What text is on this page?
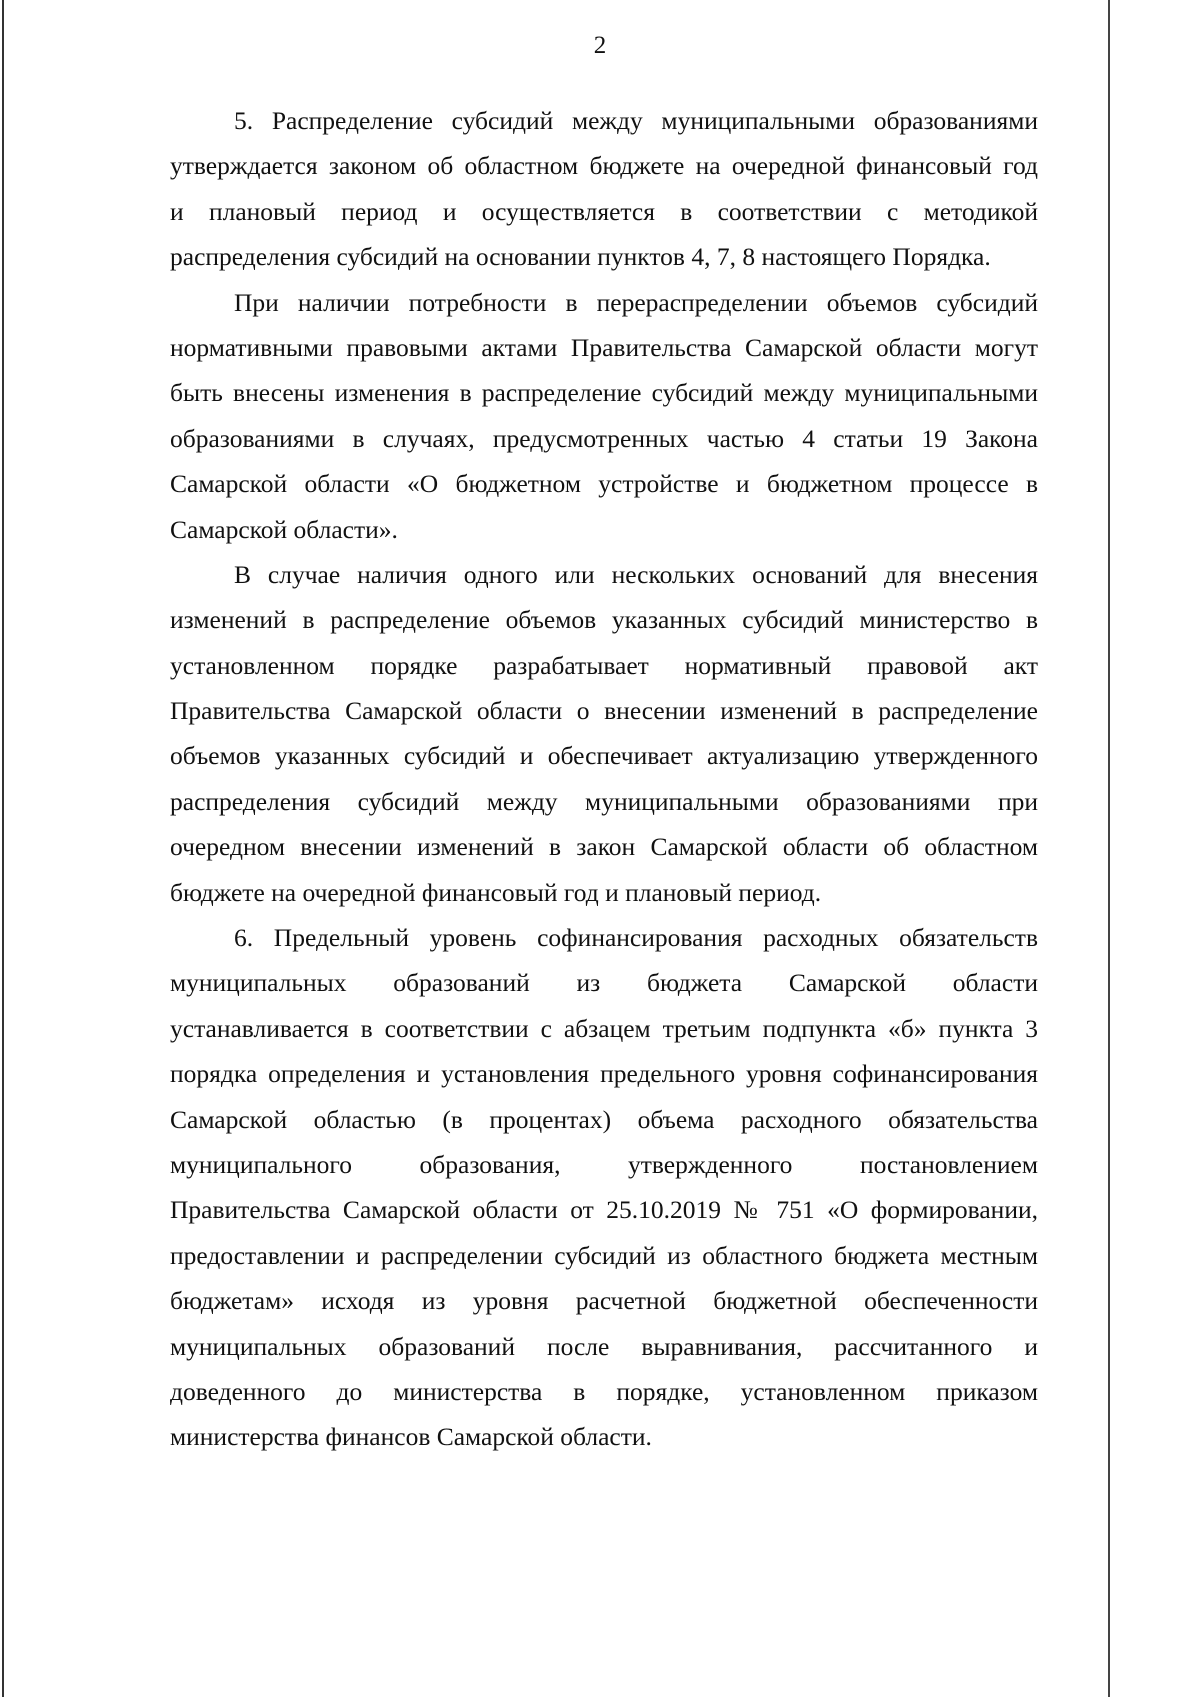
2
5. Распределение субсидий между муниципальными образованиями
утверждается законом об областном бюджете на очередной финансовый год
и плановый период и осуществляется в соответствии с методикой
распределения субсидий на основании пунктов 4, 7, 8 настоящего Порядка.
При наличии потребности в перераспределении объемов субсидий
нормативными правовыми актами Правительства Самарской области могут
быть внесены изменения в распределение субсидий между муниципальными
образованиями в случаях, предусмотренных частью 4 статьи 19 Закона
Самарской области «О бюджетном устройстве и бюджетном процессе в
Самарской области».
В случае наличия одного или нескольких оснований для внесения
изменений в распределение объемов указанных субсидий министерство в
установленном порядке разрабатывает нормативный правовой акт
Правительства Самарской области о внесении изменений в распределение
объемов указанных субсидий и обеспечивает актуализацию утвержденного
распределения субсидий между муниципальными образованиями при
очередном внесении изменений в закон Самарской области об областном
бюджете на очередной финансовый год и плановый период.
6. Предельный уровень софинансирования расходных обязательств
муниципальных образований из бюджета Самарской области
устанавливается в соответствии с абзацем третьим подпункта «б» пункта 3
порядка определения и установления предельного уровня софинансирования
Самарской областью (в процентах) объема расходного обязательства
муниципального образования, утвержденного постановлением
Правительства Самарской области от 25.10.2019 № 751 «О формировании,
предоставлении и распределении субсидий из областного бюджета местным
бюджетам» исходя из уровня расчетной бюджетной обеспеченности
муниципальных образований после выравнивания, рассчитанного и
доведенного до министерства в порядке, установленном приказом
министерства финансов Самарской области.
